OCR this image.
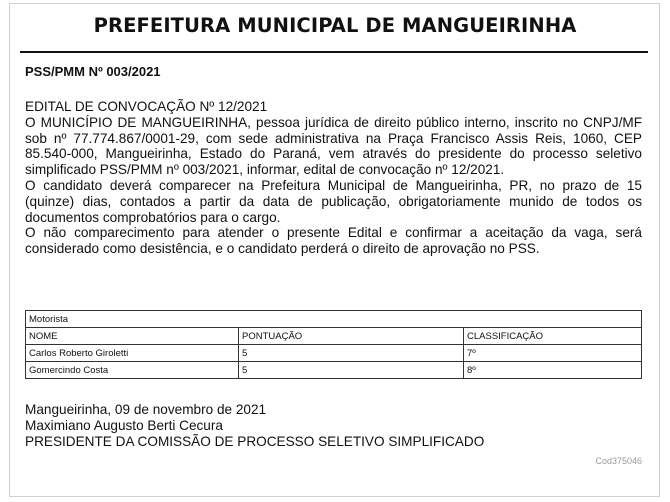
PREFEITURA MUNICIPAL DE MANGUEIRINHA
PSS/PMM Nº 003/2021

EDITAL DE CONVOCAÇÃO Nº 12/2021

O MUNICÍPIO DE MANGUEIRINHA, pessoa jurídica de direito público interno, inscrito no CNPJ/MF sob nº 77.774.867/0001-29, com sede administrativa na Praça Francisco Assis Reis, 1060, CEP 85.540-000, Mangueirinha, Estado do Paraná, vem através do presidente do processo seletivo simplificado PSS/PMM nº 003/2021, informar, edital de convocação nº 12/2021.

O candidato deverá comparecer na Prefeitura Municipal de Mangueirinha, PR, no prazo de 15 (quinze) dias, contados a partir da data de publicação, obrigatoriamente munido de todos os documentos comprobatórios para o cargo.

O não comparecimento para atender o presente Edital e confirmar a aceitação da vaga, será considerado como desistência, e o candidato perderá o direito de aprovação no PSS.

Motorista		
NOME	PONTUAÇÃO	CLASSIFICAÇÃO
Carlos Roberto Giroletti	5	7º
Gomercindo Costa	5	8º
Mangueirinha, 09 de novembro de 2021
Maximiano Augusto Berti Cecura
PRESIDENTE DA COMISSÃO DE PROCESSO SELETIVO SIMPLIFICADO
Cod375046
